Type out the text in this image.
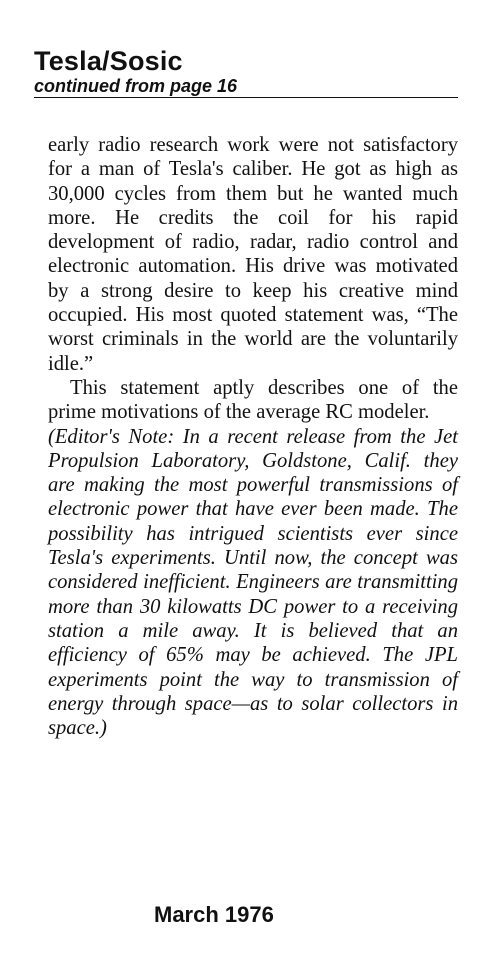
Tesla/Sosic
continued from page 16

early radio research work were not satisfactory for a man of Tesla's caliber. He got as high as 30,000 cycles from them but he wanted much more. He credits the coil for his rapid development of radio, radar, radio control and electronic automation. His drive was motivated by a strong desire to keep his creative mind occupied. His most quoted statement was, “The worst criminals in the world are the voluntarily idle.”

This statement aptly describes one of the prime motivations of the average RC modeler.

(Editor's Note: In a recent release from the Jet Propulsion Laboratory, Goldstone, Calif. they are making the most powerful transmissions of electronic power that have ever been made. The possibility has intrigued scientists ever since Tesla's experiments. Until now, the concept was considered inefficient. Engineers are transmitting more than 30 kilowatts DC power to a receiving station a mile away. It is believed that an efficiency of 65% may be achieved. The JPL experiments point the way to transmission of energy through space—as to solar collectors in space.)

March 1976
